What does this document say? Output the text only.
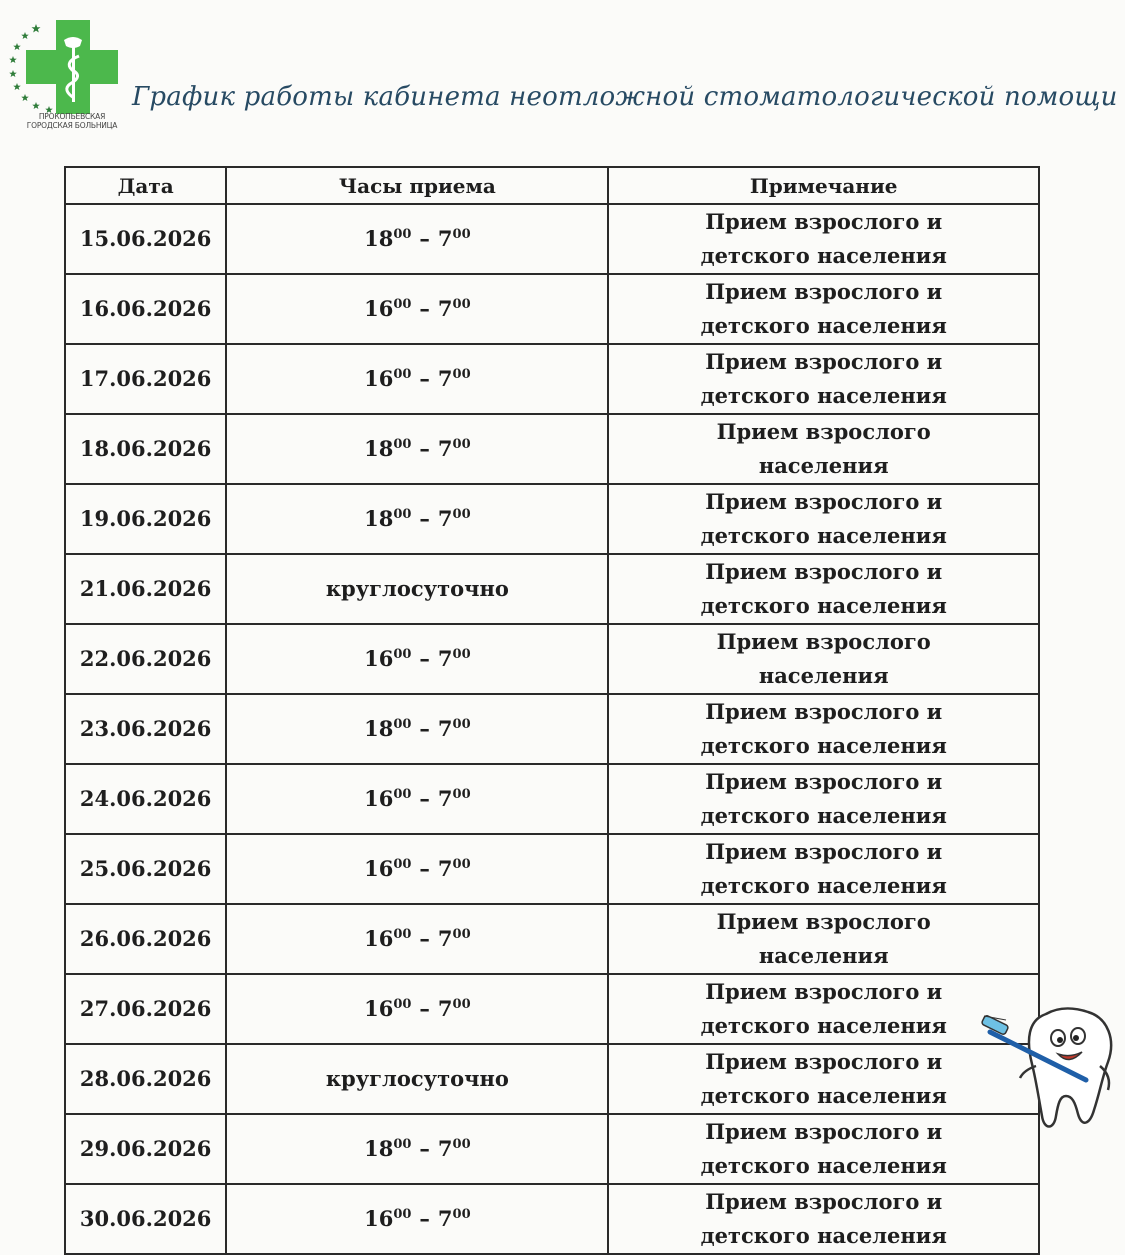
ПРОКОПЬЕВСКАЯ
ГОРОДСКАЯ БОЛЬНИЦА
График работы кабинета неотложной стоматологической помощи
Дата	Часы приема	Примечание
15.06.2026	$18^{00} - 7^{00}$	Прием взрослого и детского населения
16.06.2026	$16^{00} - 7^{00}$	Прием взрослого и детского населения
17.06.2026	$16^{00} - 7^{00}$	Прием взрослого и детского населения
18.06.2026	$18^{00} - 7^{00}$	Прием взрослого населения
19.06.2026	$18^{00} - 7^{00}$	Прием взрослого и детского населения
21.06.2026	круглосуточно	Прием взрослого и детского населения
22.06.2026	$16^{00} - 7^{00}$	Прием взрослого населения
23.06.2026	$18^{00} - 7^{00}$	Прием взрослого и детского населения
24.06.2026	$16^{00} - 7^{00}$	Прием взрослого и детского населения
25.06.2026	$16^{00} - 7^{00}$	Прием взрослого и детского населения
26.06.2026	$16^{00} - 7^{00}$	Прием взрослого населения
27.06.2026	$16^{00} - 7^{00}$	Прием взрослого и детского населения
28.06.2026	круглосуточно	Прием взрослого и детского населения
29.06.2026	$18^{00} - 7^{00}$	Прием взрослого и детского населения
30.06.2026	$16^{00} - 7^{00}$	Прием взрослого и детского населения
